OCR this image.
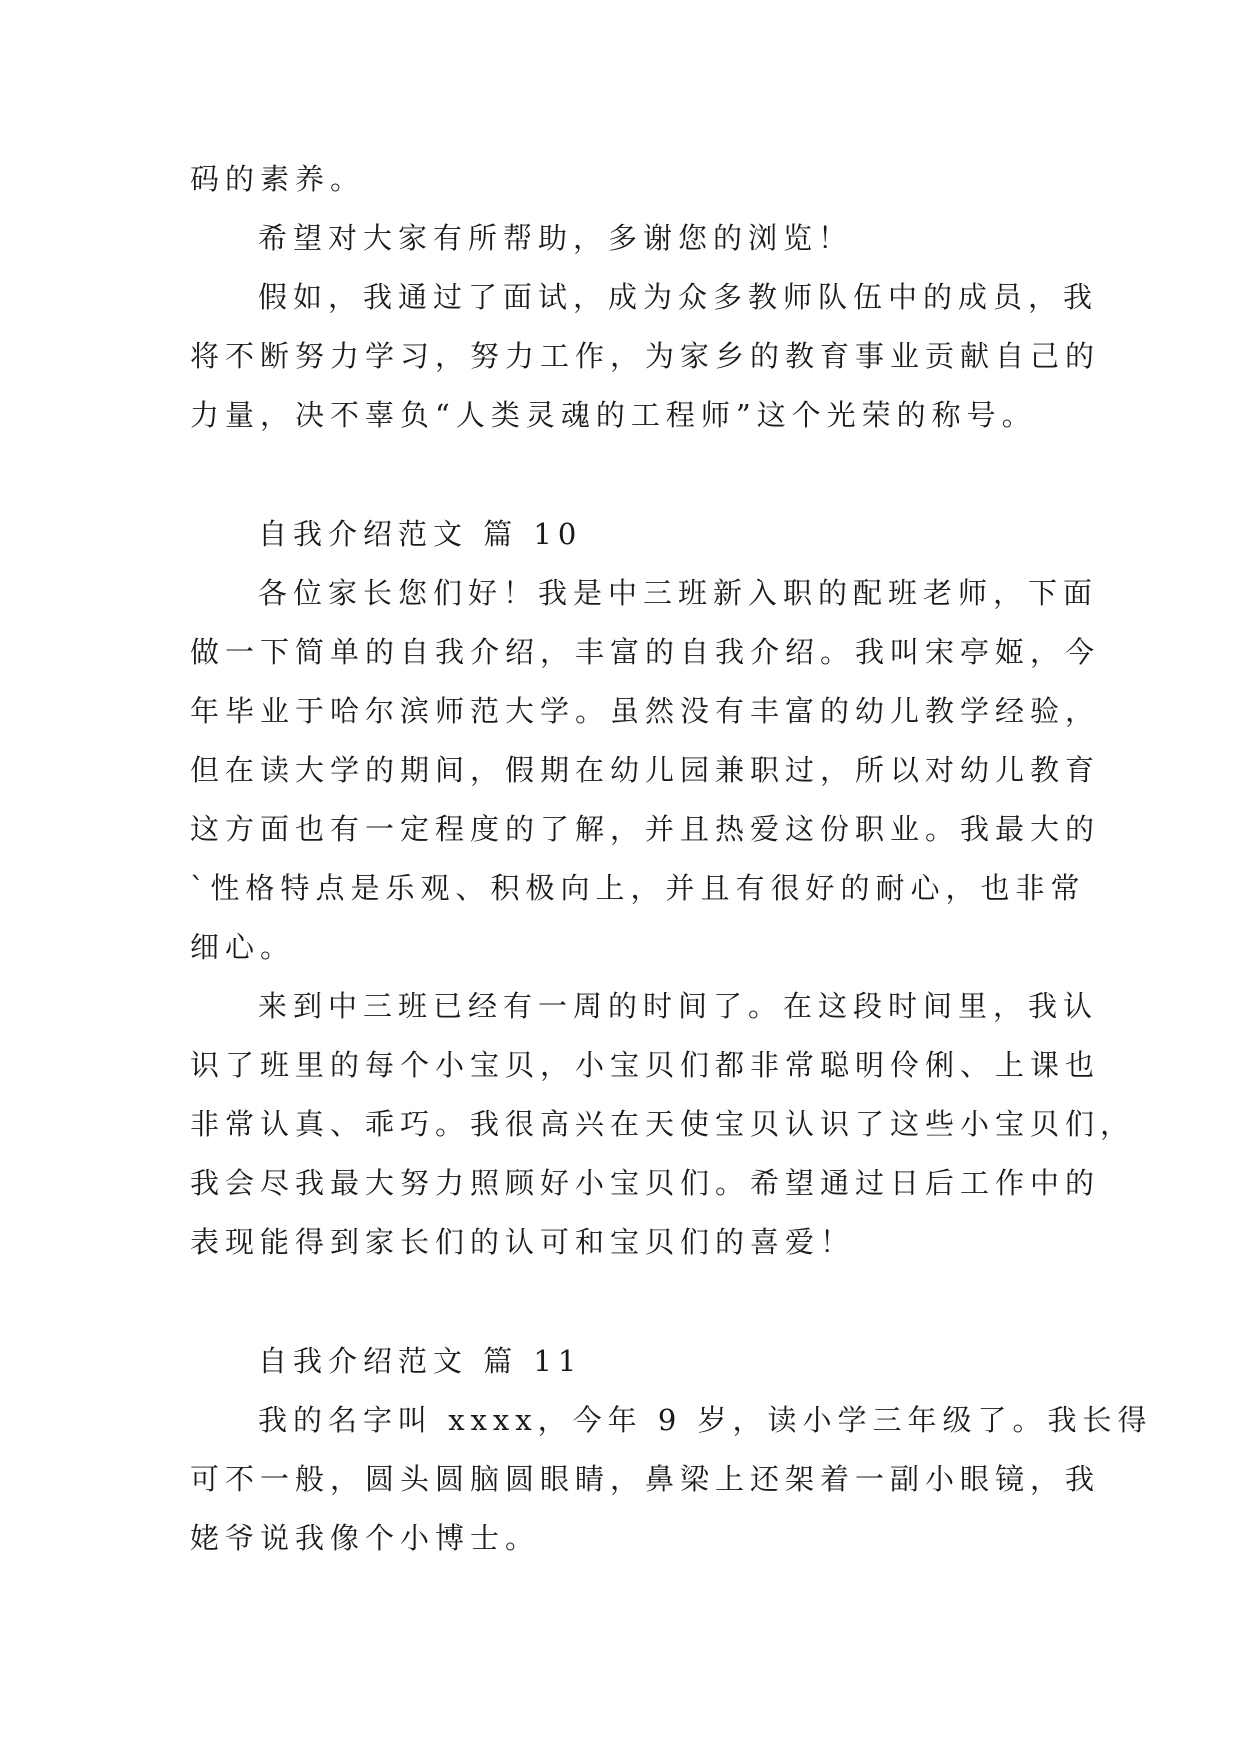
码的素养。
希望对大家有所帮助，多谢您的浏览！
假如，我通过了面试，成为众多教师队伍中的成员，我
将不断努力学习，努力工作，为家乡的教育事业贡献自己的
力量，决不辜负“人类灵魂的工程师”这个光荣的称号。
自我介绍范文 篇 10
各位家长您们好！我是中三班新入职的配班老师，下面
做一下简单的自我介绍，丰富的自我介绍。我叫宋亭姬，今
年毕业于哈尔滨师范大学。虽然没有丰富的幼儿教学经验，
但在读大学的期间，假期在幼儿园兼职过，所以对幼儿教育
这方面也有一定程度的了解，并且热爱这份职业。我最大的
`性格特点是乐观、积极向上，并且有很好的耐心，也非常
细心。
来到中三班已经有一周的时间了。在这段时间里，我认
识了班里的每个小宝贝，小宝贝们都非常聪明伶俐、上课也
非常认真、乖巧。我很高兴在天使宝贝认识了这些小宝贝们，
我会尽我最大努力照顾好小宝贝们。希望通过日后工作中的
表现能得到家长们的认可和宝贝们的喜爱！
自我介绍范文 篇 11
我的名字叫 xxxx，今年 9 岁，读小学三年级了。我长得
可不一般，圆头圆脑圆眼睛，鼻梁上还架着一副小眼镜，我
姥爷说我像个小博士。
